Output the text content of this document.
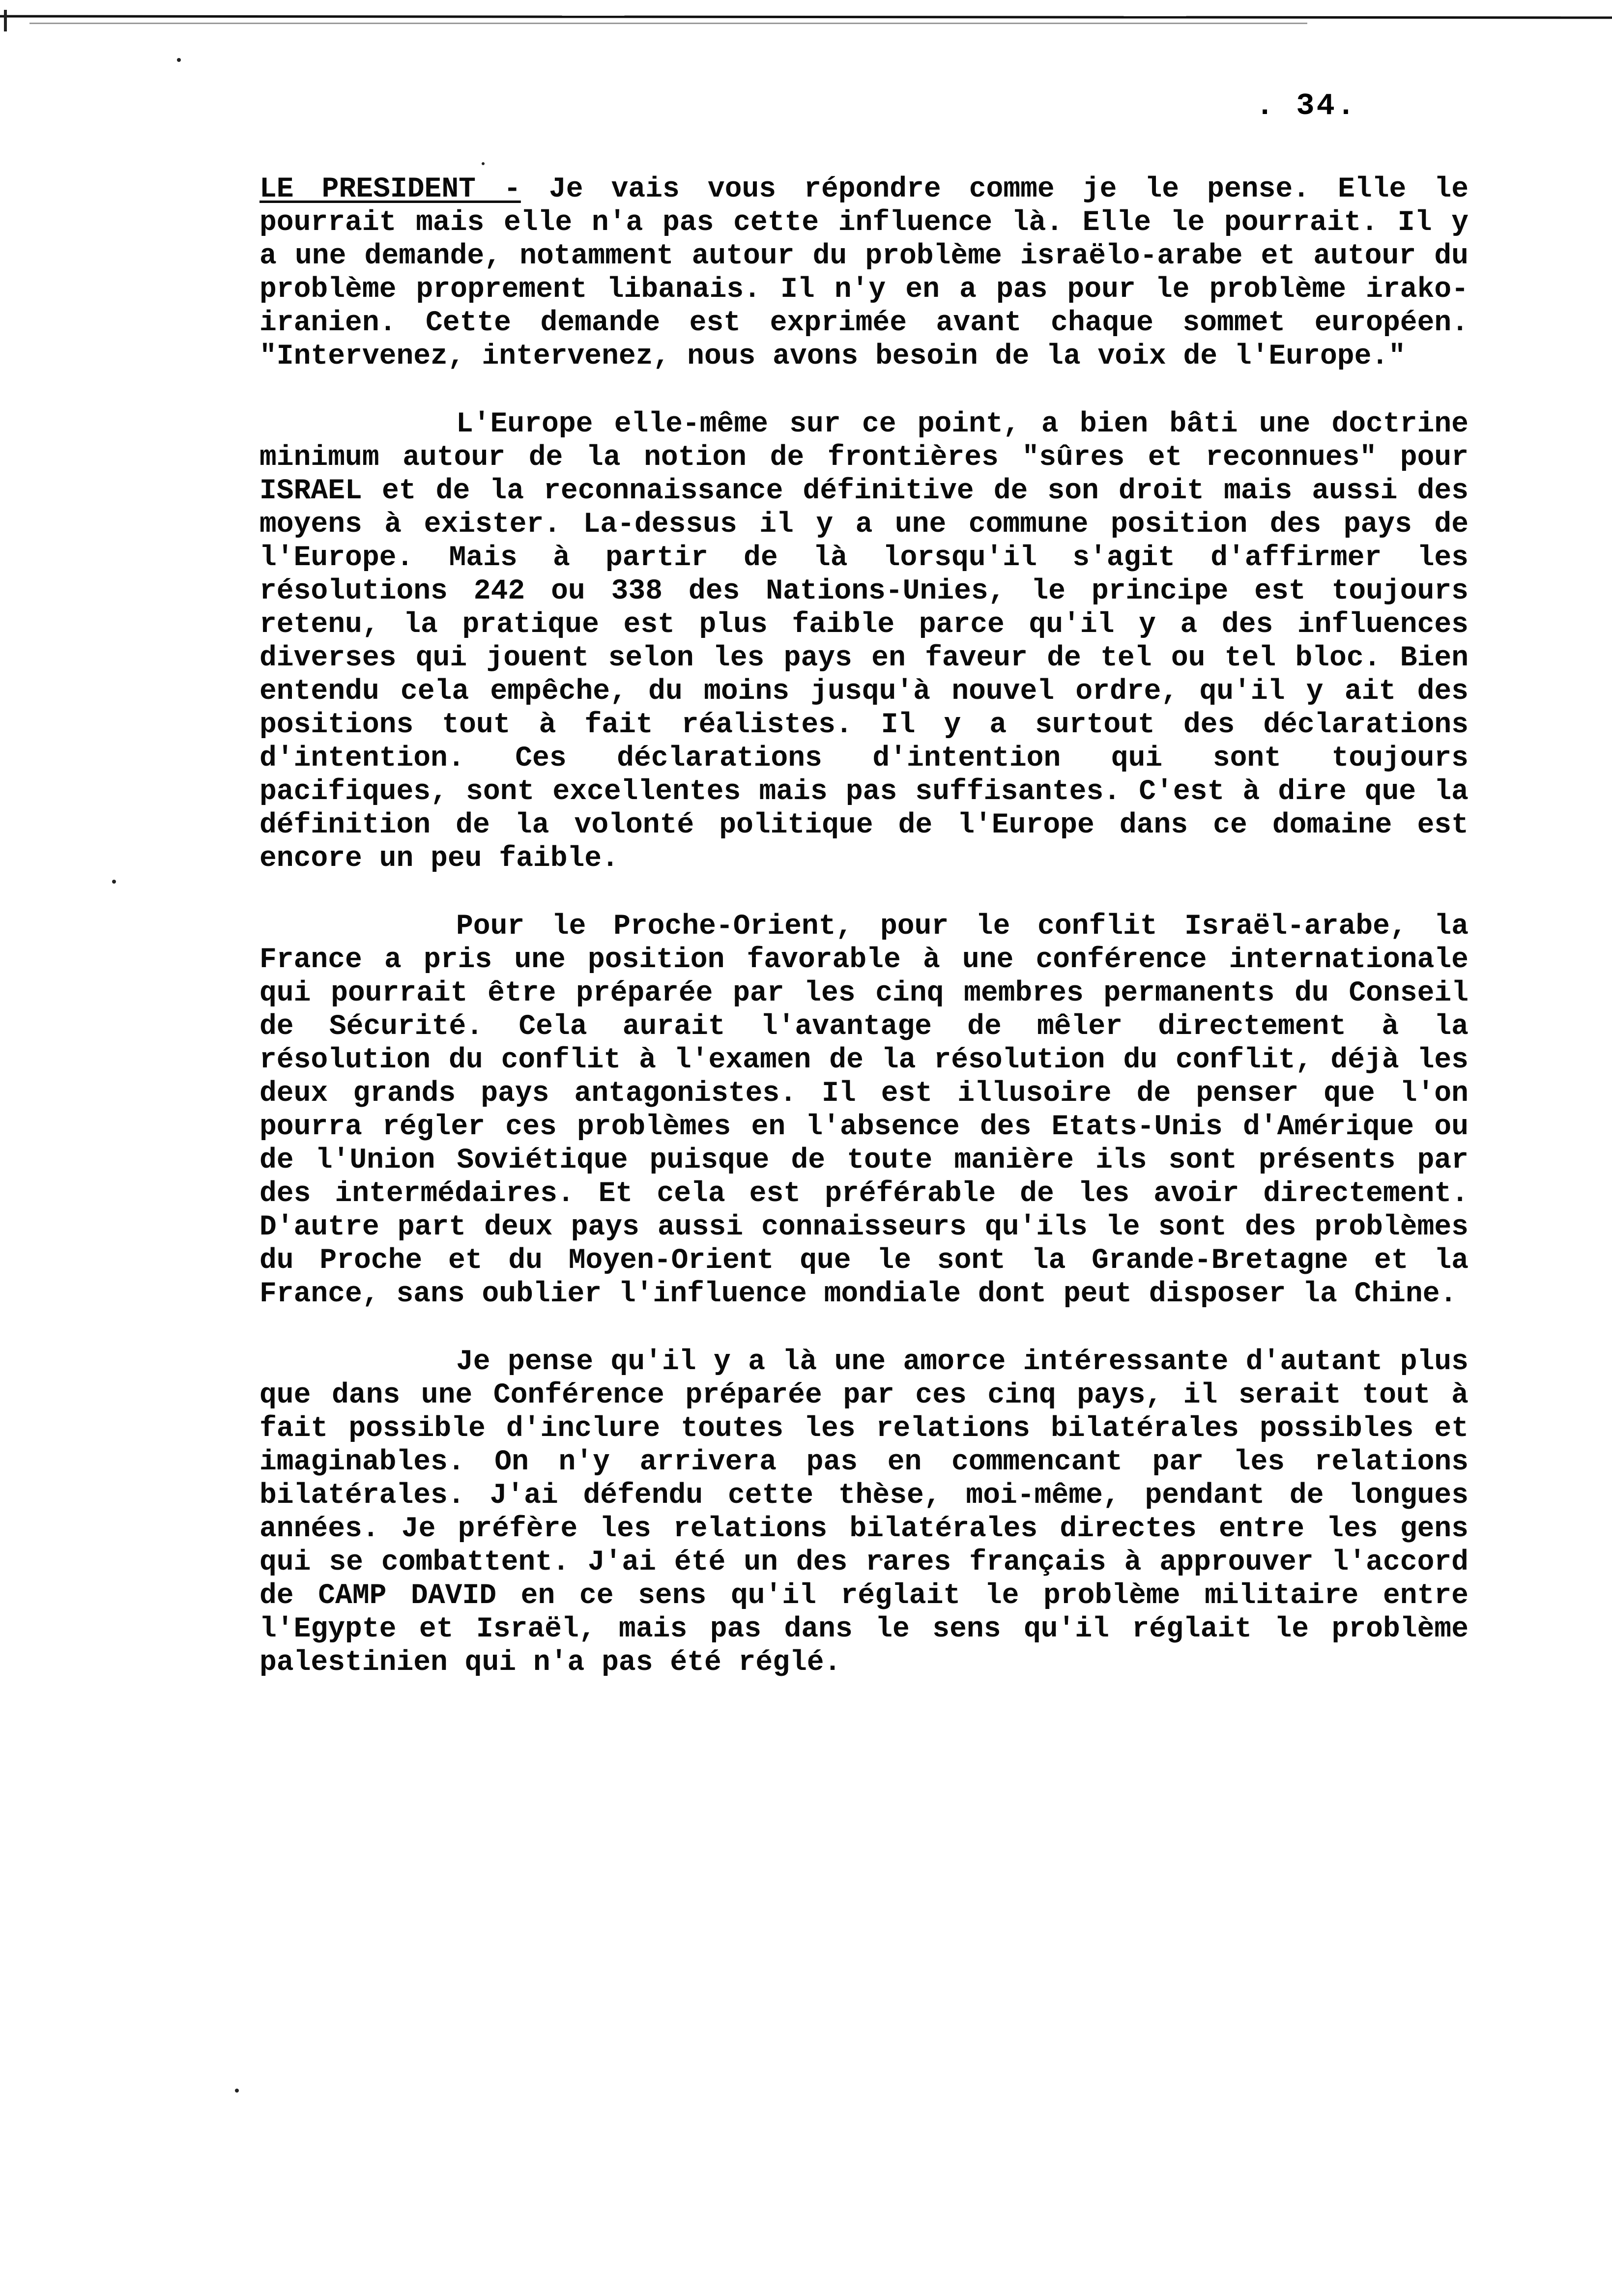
. 34.

LE PRESIDENT - Je vais vous répondre comme je le pense. Elle le pourrait mais elle n'a pas cette influence là. Elle le pourrait. Il y a une demande, notamment autour du problème israëlo-arabe et autour du problème proprement libanais. Il n'y en a pas pour le problème irako-iranien. Cette demande est exprimée avant chaque sommet européen. "Intervenez, intervenez, nous avons besoin de la voix de l'Europe."

L'Europe elle-même sur ce point, a bien bâti une doctrine minimum autour de la notion de frontières "sûres et reconnues" pour ISRAEL et de la reconnaissance définitive de son droit mais aussi des moyens à exister. La-dessus il y a une commune position des pays de l'Europe. Mais à partir de là lorsqu'il s'agit d'affirmer les résolutions 242 ou 338 des Nations-Unies, le principe est toujours retenu, la pratique est plus faible parce qu'il y a des influences diverses qui jouent selon les pays en faveur de tel ou tel bloc. Bien entendu cela empêche, du moins jusqu'à nouvel ordre, qu'il y ait des positions tout à fait réalistes. Il y a surtout des déclarations d'intention. Ces déclarations d'intention qui sont toujours pacifiques, sont excellentes mais pas suffisantes. C'est à dire que la définition de la volonté politique de l'Europe dans ce domaine est encore un peu faible.

Pour le Proche-Orient, pour le conflit Israël-arabe, la France a pris une position favorable à une conférence internationale qui pourrait être préparée par les cinq membres permanents du Conseil de Sécurité. Cela aurait l'avantage de mêler directement à la résolution du conflit à l'examen de la résolution du conflit, déjà les deux grands pays antagonistes. Il est illusoire de penser que l'on pourra régler ces problèmes en l'absence des Etats-Unis d'Amérique ou de l'Union Soviétique puisque de toute manière ils sont présents par des intermédaires. Et cela est préférable de les avoir directement. D'autre part deux pays aussi connaisseurs qu'ils le sont des problèmes du Proche et du Moyen-Orient que le sont la Grande-Bretagne et la France, sans oublier l'influence mondiale dont peut disposer la Chine.

Je pense qu'il y a là une amorce intéressante d'autant plus que dans une Conférence préparée par ces cinq pays, il serait tout à fait possible d'inclure toutes les relations bilatérales possibles et imaginables. On n'y arrivera pas en commencant par les relations bilatérales. J'ai défendu cette thèse, moi-même, pendant de longues années. Je préfère les relations bilatérales directes entre les gens qui se combattent. J'ai été un des rares français à approuver l'accord de CAMP DAVID en ce sens qu'il réglait le problème militaire entre l'Egypte et Israël, mais pas dans le sens qu'il réglait le problème palestinien qui n'a pas été réglé.
